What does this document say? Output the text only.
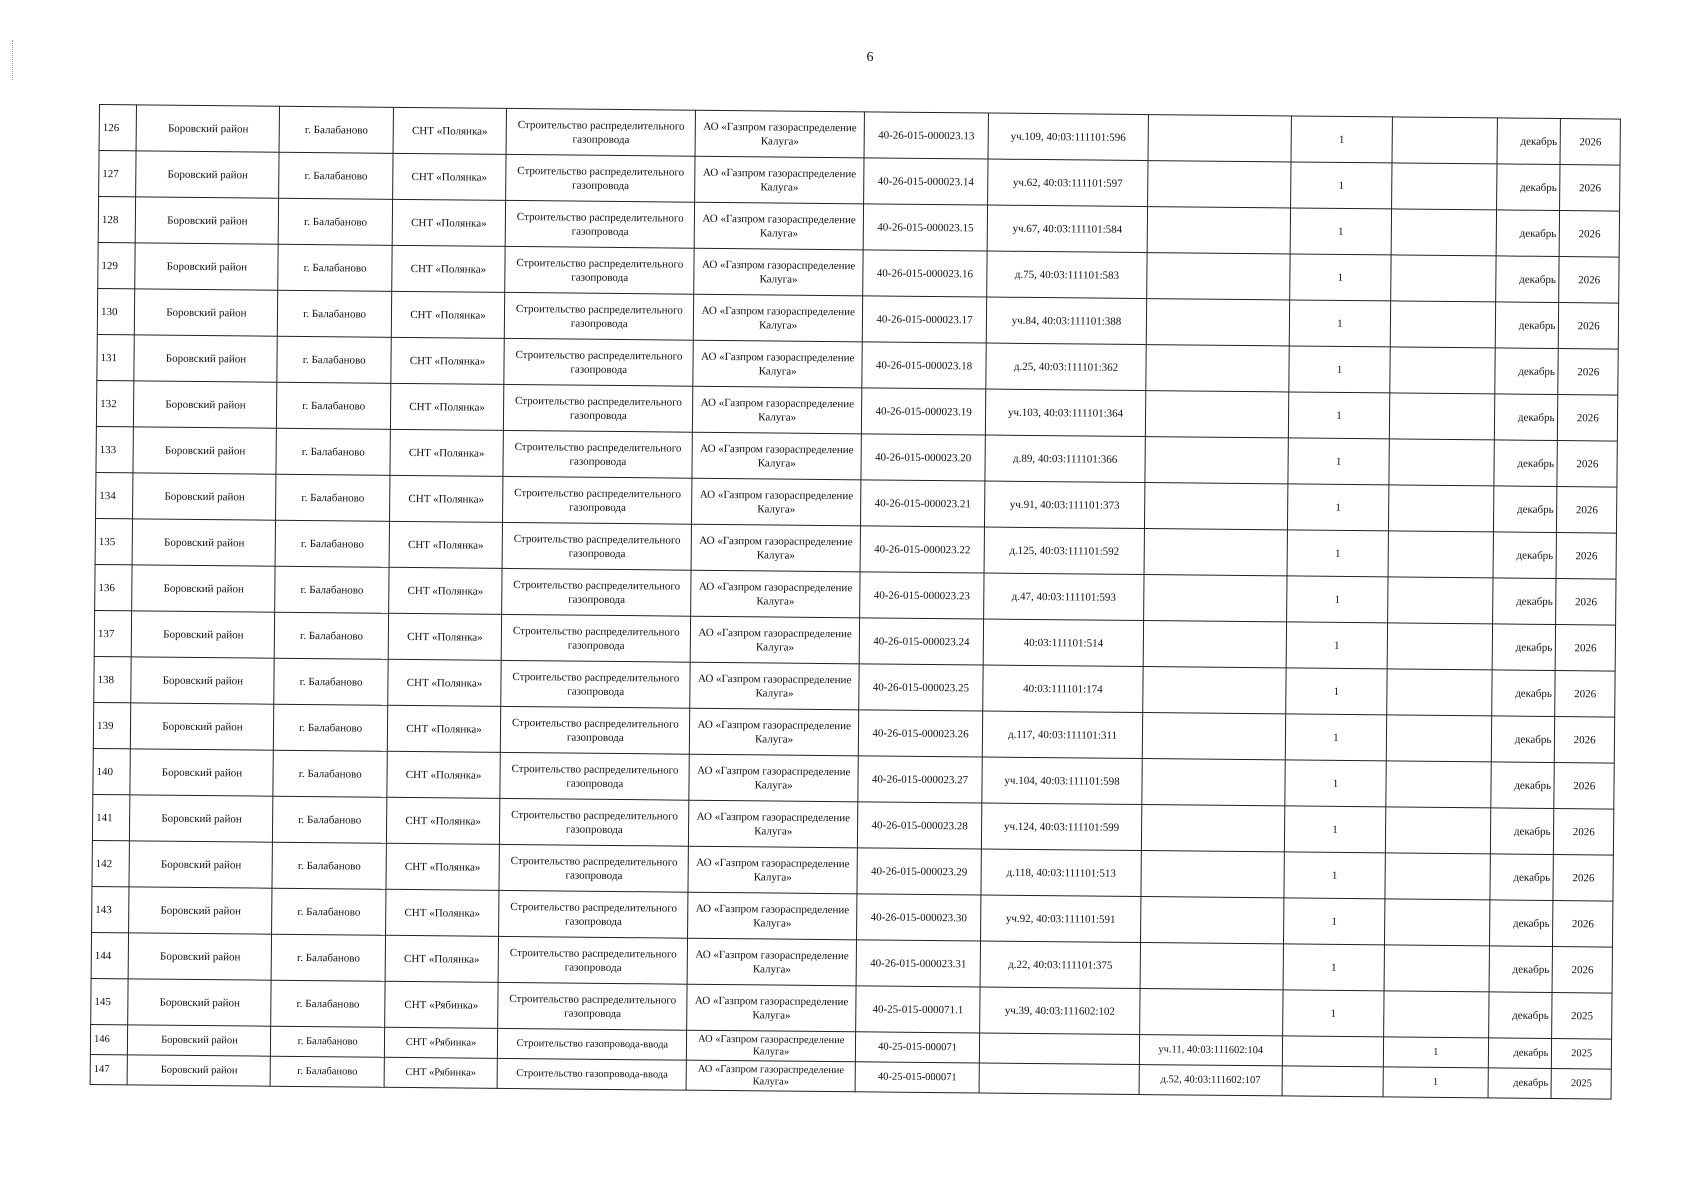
6
126	Боровский район	г. Балабаново	СНТ «Полянка»	Строительство распределительного газопровода	АО «Газпром газораспределение Калуга»	40-26-015-000023.13	уч.109, 40:03:111101:596		1		декабрь	2026
127	Боровский район	г. Балабаново	СНТ «Полянка»	Строительство распределительного газопровода	АО «Газпром газораспределение Калуга»	40-26-015-000023.14	уч.62, 40:03:111101:597		1		декабрь	2026
128	Боровский район	г. Балабаново	СНТ «Полянка»	Строительство распределительного газопровода	АО «Газпром газораспределение Калуга»	40-26-015-000023.15	уч.67, 40:03:111101:584		1		декабрь	2026
129	Боровский район	г. Балабаново	СНТ «Полянка»	Строительство распределительного газопровода	АО «Газпром газораспределение Калуга»	40-26-015-000023.16	д.75, 40:03:111101:583		1		декабрь	2026
130	Боровский район	г. Балабаново	СНТ «Полянка»	Строительство распределительного газопровода	АО «Газпром газораспределение Калуга»	40-26-015-000023.17	уч.84, 40:03:111101:388		1		декабрь	2026
131	Боровский район	г. Балабаново	СНТ «Полянка»	Строительство распределительного газопровода	АО «Газпром газораспределение Калуга»	40-26-015-000023.18	д.25, 40:03:111101:362		1		декабрь	2026
132	Боровский район	г. Балабаново	СНТ «Полянка»	Строительство распределительного газопровода	АО «Газпром газораспределение Калуга»	40-26-015-000023.19	уч.103, 40:03:111101:364		1		декабрь	2026
133	Боровский район	г. Балабаново	СНТ «Полянка»	Строительство распределительного газопровода	АО «Газпром газораспределение Калуга»	40-26-015-000023.20	д.89, 40:03:111101:366		1		декабрь	2026
134	Боровский район	г. Балабаново	СНТ «Полянка»	Строительство распределительного газопровода	АО «Газпром газораспределение Калуга»	40-26-015-000023.21	уч.91, 40:03:111101:373		1		декабрь	2026
135	Боровский район	г. Балабаново	СНТ «Полянка»	Строительство распределительного газопровода	АО «Газпром газораспределение Калуга»	40-26-015-000023.22	д.125, 40:03:111101:592		1		декабрь	2026
136	Боровский район	г. Балабаново	СНТ «Полянка»	Строительство распределительного газопровода	АО «Газпром газораспределение Калуга»	40-26-015-000023.23	д.47, 40:03:111101:593		1		декабрь	2026
137	Боровский район	г. Балабаново	СНТ «Полянка»	Строительство распределительного газопровода	АО «Газпром газораспределение Калуга»	40-26-015-000023.24	40:03:111101:514		1		декабрь	2026
138	Боровский район	г. Балабаново	СНТ «Полянка»	Строительство распределительного газопровода	АО «Газпром газораспределение Калуга»	40-26-015-000023.25	40:03:111101:174		1		декабрь	2026
139	Боровский район	г. Балабаново	СНТ «Полянка»	Строительство распределительного газопровода	АО «Газпром газораспределение Калуга»	40-26-015-000023.26	д.117, 40:03:111101:311		1		декабрь	2026
140	Боровский район	г. Балабаново	СНТ «Полянка»	Строительство распределительного газопровода	АО «Газпром газораспределение Калуга»	40-26-015-000023.27	уч.104, 40:03:111101:598		1		декабрь	2026
141	Боровский район	г. Балабаново	СНТ «Полянка»	Строительство распределительного газопровода	АО «Газпром газораспределение Калуга»	40-26-015-000023.28	уч.124, 40:03:111101:599		1		декабрь	2026
142	Боровский район	г. Балабаново	СНТ «Полянка»	Строительство распределительного газопровода	АО «Газпром газораспределение Калуга»	40-26-015-000023.29	д.118, 40:03:111101:513		1		декабрь	2026
143	Боровский район	г. Балабаново	СНТ «Полянка»	Строительство распределительного газопровода	АО «Газпром газораспределение Калуга»	40-26-015-000023.30	уч.92, 40:03:111101:591		1		декабрь	2026
144	Боровский район	г. Балабаново	СНТ «Полянка»	Строительство распределительного газопровода	АО «Газпром газораспределение Калуга»	40-26-015-000023.31	д.22, 40:03:111101:375		1		декабрь	2026
145	Боровский район	г. Балабаново	СНТ «Рябинка»	Строительство распределительного газопровода	АО «Газпром газораспределение Калуга»	40-25-015-000071.1	уч.39, 40:03:111602:102		1		декабрь	2025
146	Боровский район	г. Балабаново	СНТ «Рябинка»	Строительство газопровода-ввода	АО «Газпром газораспределение Калуга»	40-25-015-000071		уч.11, 40:03:111602:104		1	декабрь	2025
147	Боровский район	г. Балабаново	СНТ «Рябинка»	Строительство газопровода-ввода	АО «Газпром газораспределение Калуга»	40-25-015-000071		д.52, 40:03:111602:107		1	декабрь	2025
